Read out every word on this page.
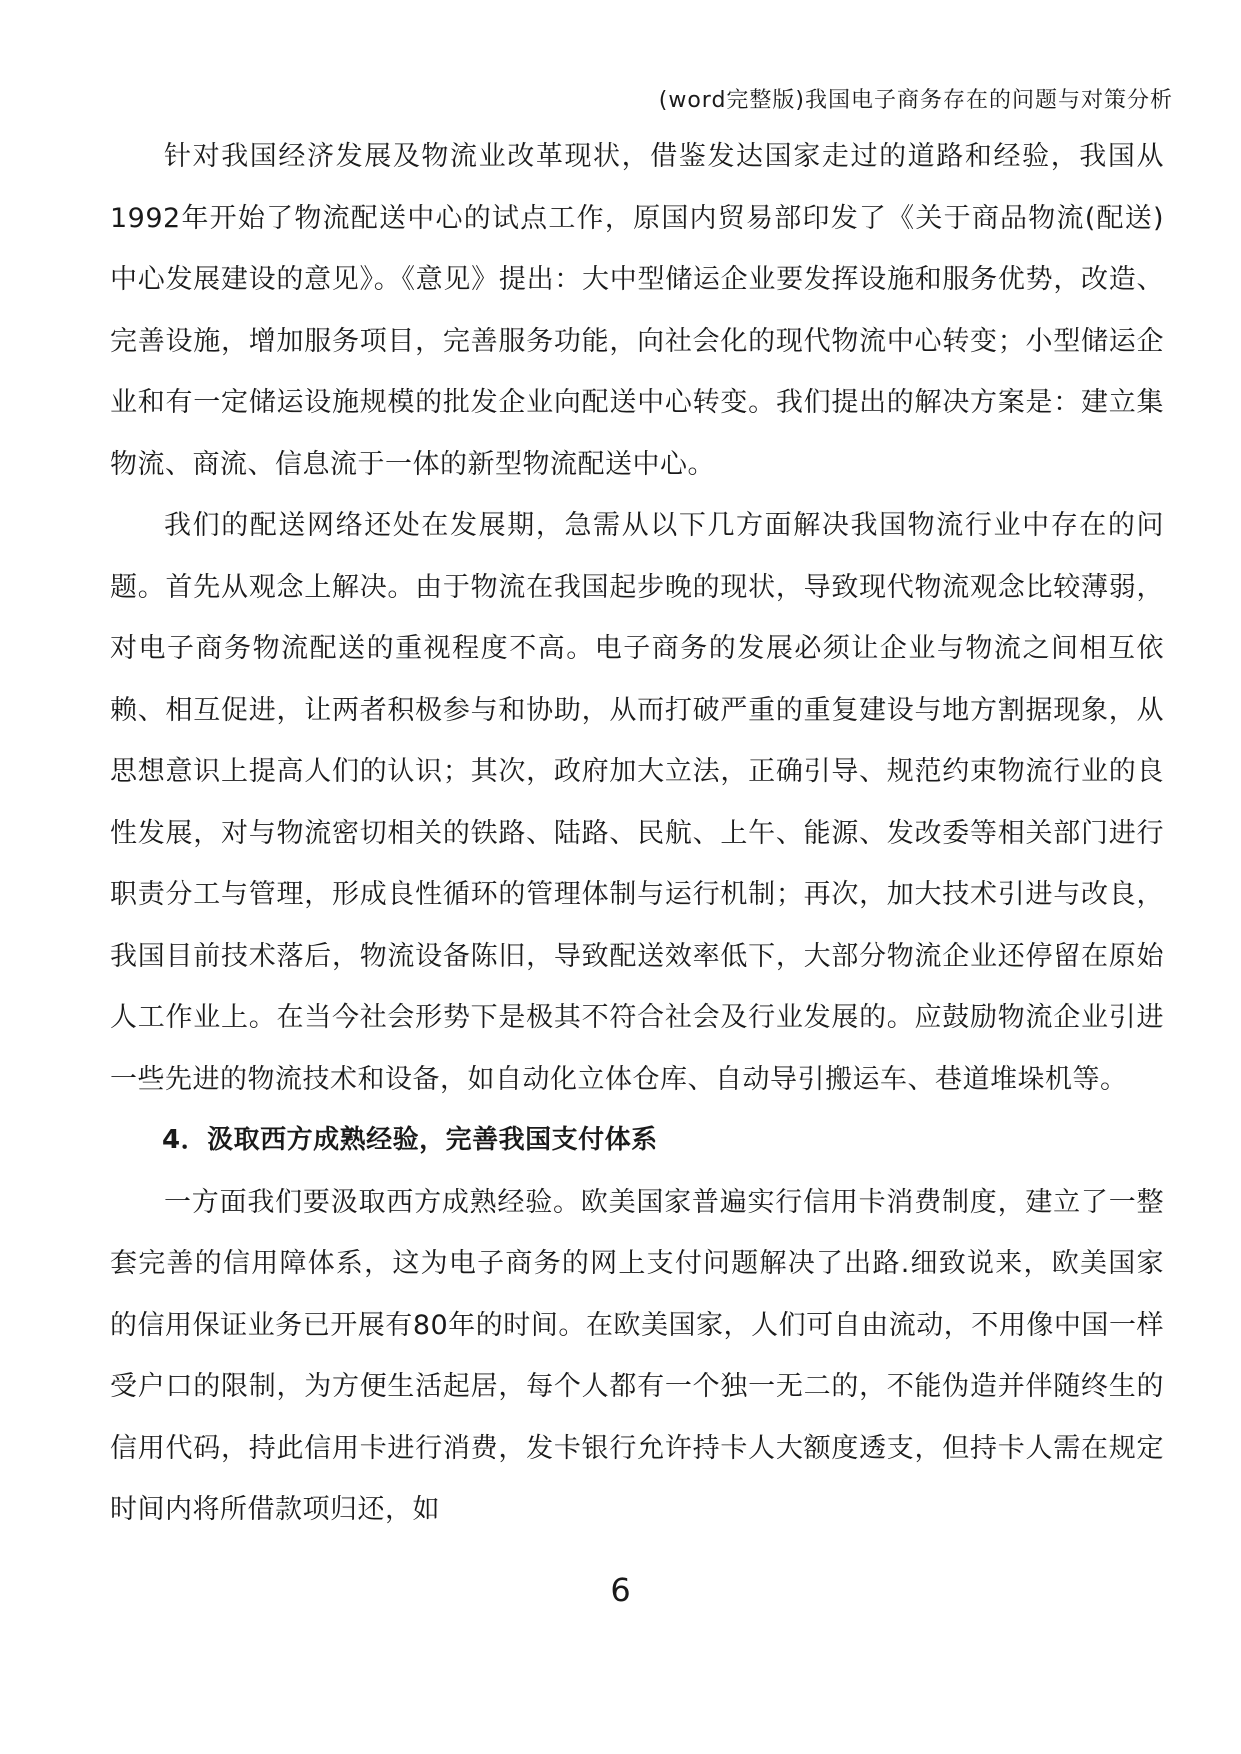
(word完整版)我国电子商务存在的问题与对策分析

针对我国经济发展及物流业改革现状，借鉴发达国家走过的道路和经验，我国从1992年开始了物流配送中心的试点工作，原国内贸易部印发了《关于商品物流(配送)中心发展建设的意见》。《意见》提出：大中型储运企业要发挥设施和服务优势，改造、完善设施，增加服务项目，完善服务功能，向社会化的现代物流中心转变；小型储运企业和有一定储运设施规模的批发企业向配送中心转变。我们提出的解决方案是：建立集物流、商流、信息流于一体的新型物流配送中心。

我们的配送网络还处在发展期，急需从以下几方面解决我国物流行业中存在的问题。首先从观念上解决。由于物流在我国起步晚的现状，导致现代物流观念比较薄弱，对电子商务物流配送的重视程度不高。电子商务的发展必须让企业与物流之间相互依赖、相互促进，让两者积极参与和协助，从而打破严重的重复建设与地方割据现象，从思想意识上提高人们的认识；其次，政府加大立法，正确引导、规范约束物流行业的良性发展，对与物流密切相关的铁路、陆路、民航、上午、能源、发改委等相关部门进行职责分工与管理，形成良性循环的管理体制与运行机制；再次，加大技术引进与改良，我国目前技术落后，物流设备陈旧，导致配送效率低下，大部分物流企业还停留在原始人工作业上。在当今社会形势下是极其不符合社会及行业发展的。应鼓励物流企业引进一些先进的物流技术和设备，如自动化立体仓库、自动导引搬运车、巷道堆垛机等。

4．汲取西方成熟经验，完善我国支付体系

一方面我们要汲取西方成熟经验。欧美国家普遍实行信用卡消费制度，建立了一整套完善的信用障体系，这为电子商务的网上支付问题解决了出路.细致说来，欧美国家的信用保证业务已开展有80年的时间。在欧美国家，人们可自由流动，不用像中国一样受户口的限制，为方便生活起居，每个人都有一个独一无二的，不能伪造并伴随终生的信用代码，持此信用卡进行消费，发卡银行允许持卡人大额度透支，但持卡人需在规定时间内将所借款项归还，如

6
